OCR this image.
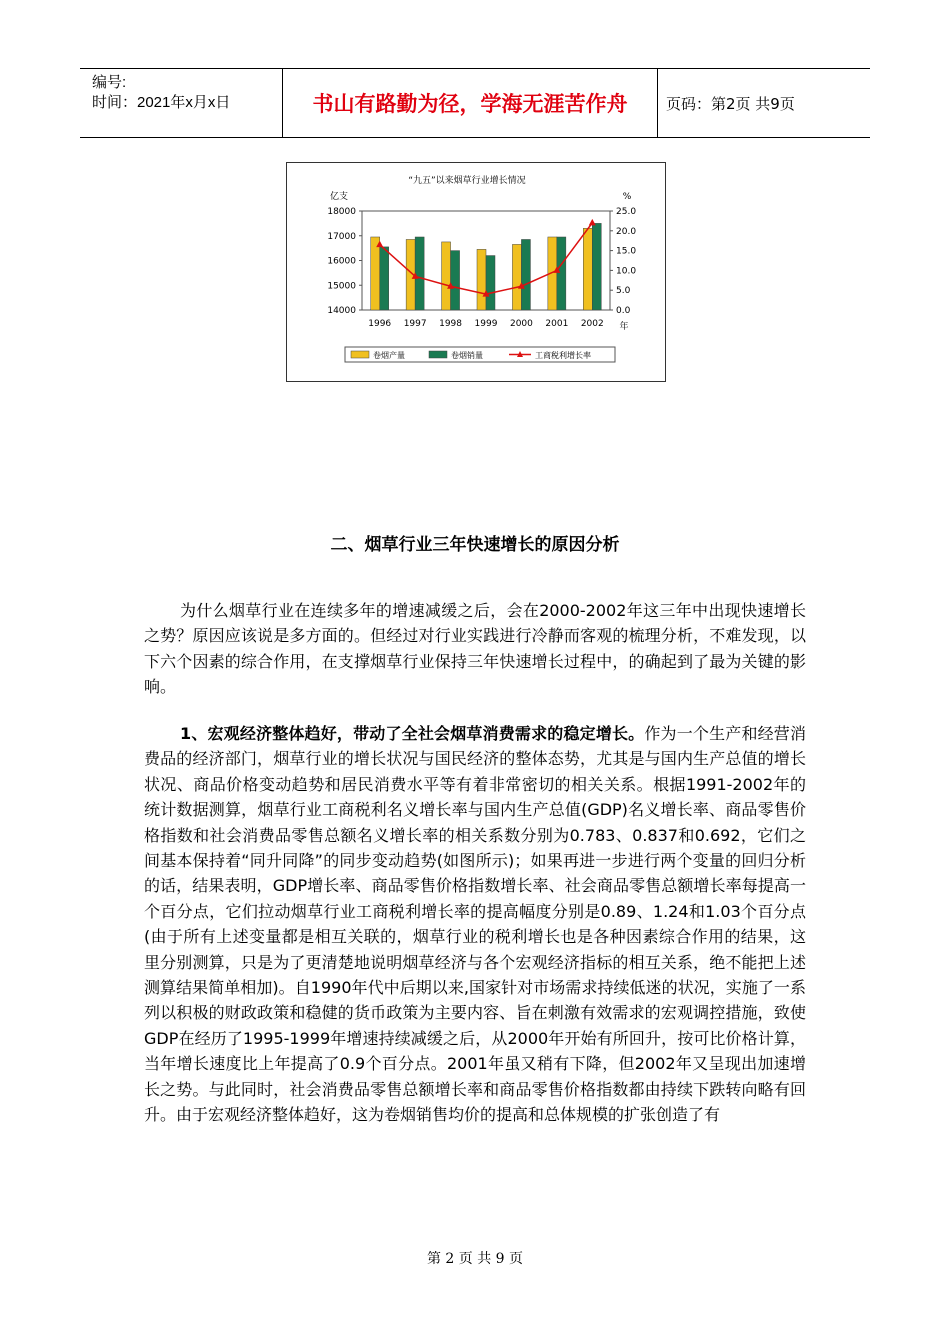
编号:
时间：2021年x月x日	书山有路勤为径，学海无涯苦作舟	页码：第2页 共9页
“九五”以来烟草行业增长情况
亿支	%
年
18000
17000
16000
15000
14000
25.0
20.0
15.0
10.0
5.0
0.0
1996 1997 1998 1999 2000 2001 2002
卷烟产量	卷烟销量	工商税利增长率
二、烟草行业三年快速增长的原因分析
为什么烟草行业在连续多年的增速减缓之后，会在2000-2002年这三年中出现快速增长之势？原因应该说是多方面的。但经过对行业实践进行冷静而客观的梳理分析，不难发现，以下六个因素的综合作用，在支撑烟草行业保持三年快速增长过程中，的确起到了最为关键的影响。
1、宏观经济整体趋好，带动了全社会烟草消费需求的稳定增长。作为一个生产和经营消费品的经济部门，烟草行业的增长状况与国民经济的整体态势，尤其是与国内生产总值的增长状况、商品价格变动趋势和居民消费水平等有着非常密切的相关关系。根据1991-2002年的统计数据测算，烟草行业工商税利名义增长率与国内生产总值(GDP)名义增长率、商品零售价格指数和社会消费品零售总额名义增长率的相关系数分别为0.783、0.837和0.692，它们之间基本保持着“同升同降”的同步变动趋势(如图所示)；如果再进一步进行两个变量的回归分析的话，结果表明，GDP增长率、商品零售价格指数增长率、社会商品零售总额增长率每提高一个百分点，它们拉动烟草行业工商税利增长率的提高幅度分别是0.89、1.24和1.03个百分点(由于所有上述变量都是相互关联的，烟草行业的税利增长也是各种因素综合作用的结果，这里分别测算，只是为了更清楚地说明烟草经济与各个宏观经济指标的相互关系，绝不能把上述测算结果简单相加)。自1990年代中后期以来,国家针对市场需求持续低迷的状况，实施了一系列以积极的财政政策和稳健的货币政策为主要内容、旨在刺激有效需求的宏观调控措施，致使GDP在经历了1995-1999年增速持续减缓之后，从2000年开始有所回升，按可比价格计算，当年增长速度比上年提高了0.9个百分点。2001年虽又稍有下降，但2002年又呈现出加速增长之势。与此同时，社会消费品零售总额增长率和商品零售价格指数都由持续下跌转向略有回升。由于宏观经济整体趋好，这为卷烟销售均价的提高和总体规模的扩张创造了有
第 2 页 共 9 页
